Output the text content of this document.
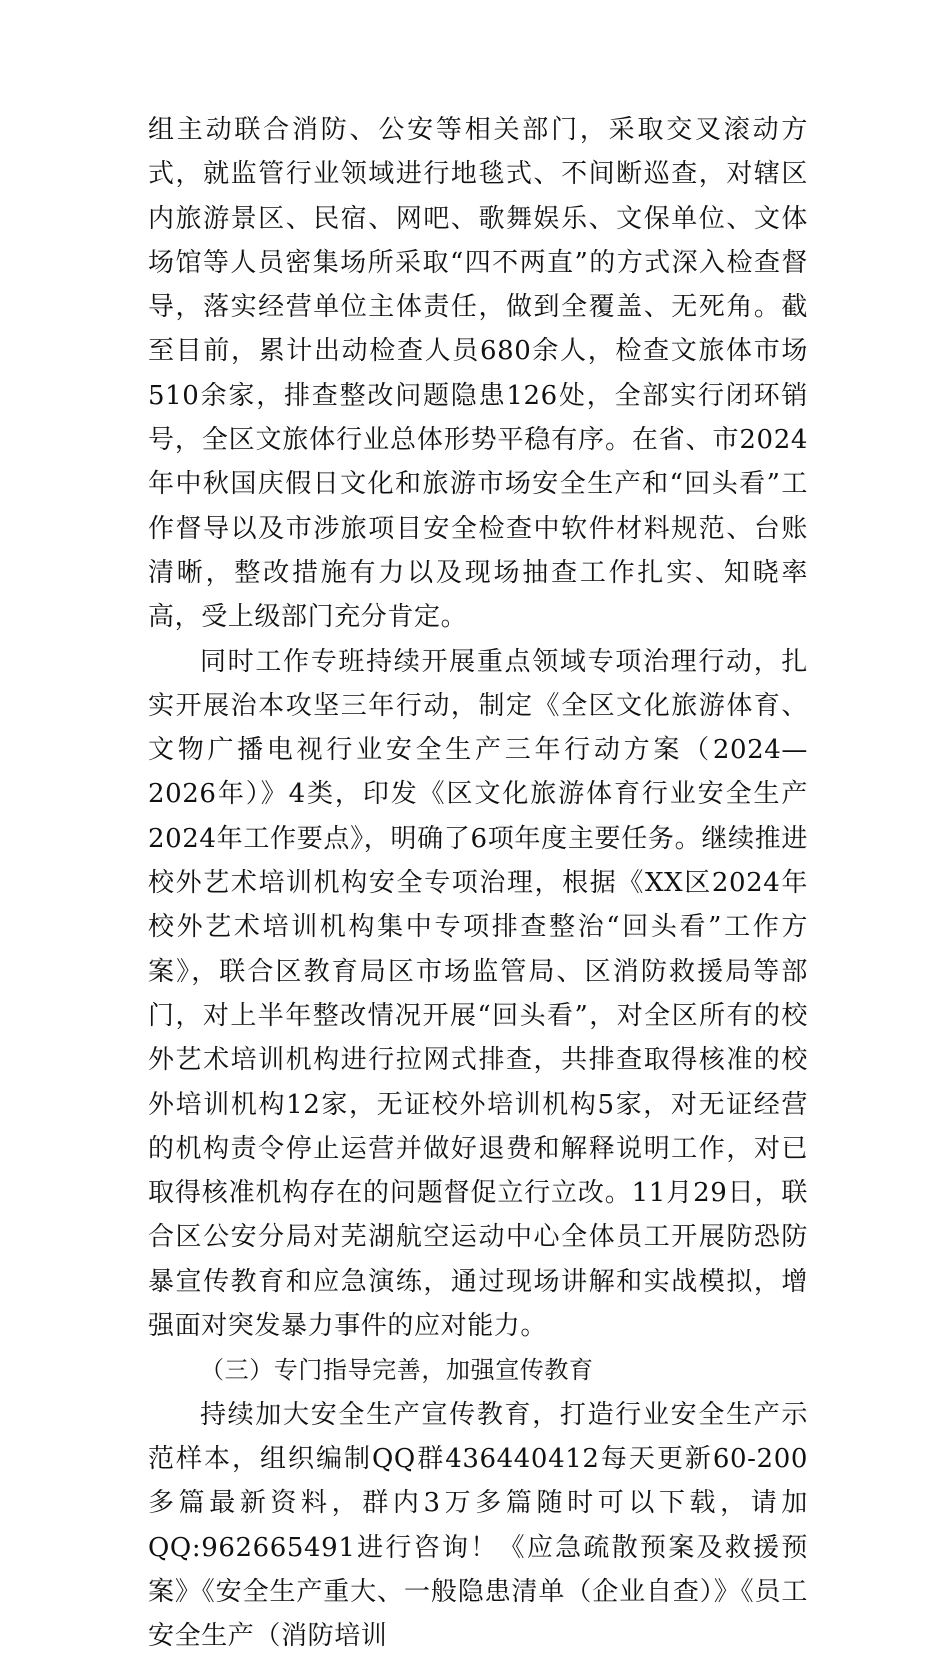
组主动联合消防、公安等相关部门，采取交叉滚动方式，就监管行业领域进行地毯式、不间断巡查，对辖区内旅游景区、民宿、网吧、歌舞娱乐、文保单位、文体场馆等人员密集场所采取“四不两直”的方式深入检查督导，落实经营单位主体责任，做到全覆盖、无死角。截至目前，累计出动检查人员680余人，检查文旅体市场510余家，排查整改问题隐患126处，全部实行闭环销号，全区文旅体行业总体形势平稳有序。在省、市2024年中秋国庆假日文化和旅游市场安全生产和“回头看”工作督导以及市涉旅项目安全检查中软件材料规范、台账清晰，整改措施有力以及现场抽查工作扎实、知晓率高，受上级部门充分肯定。

同时工作专班持续开展重点领域专项治理行动，扎实开展治本攻坚三年行动，制定《全区文化旅游体育、文物广播电视行业安全生产三年行动方案（2024—2026年）》4类，印发《区文化旅游体育行业安全生产2024年工作要点》，明确了6项年度主要任务。继续推进校外艺术培训机构安全专项治理，根据《XX区2024年校外艺术培训机构集中专项排查整治“回头看”工作方案》，联合区教育局区市场监管局、区消防救援局等部门，对上半年整改情况开展“回头看”，对全区所有的校外艺术培训机构进行拉网式排查，共排查取得核准的校外培训机构12家，无证校外培训机构5家，对无证经营的机构责令停止运营并做好退费和解释说明工作，对已取得核准机构存在的问题督促立行立改。11月29日，联合区公安分局对芜湖航空运动中心全体员工开展防恐防暴宣传教育和应急演练，通过现场讲解和实战模拟，增强面对突发暴力事件的应对能力。

（三）专门指导完善，加强宣传教育

持续加大安全生产宣传教育，打造行业安全生产示范样本，组织编制QQ群436440412每天更新60-200多篇最新资料，群内3万多篇随时可以下载，请加QQ:962665491进行咨询！《应急疏散预案及救援预案》《安全生产重大、一般隐患清单（企业自查）》《员工安全生产（消防培训
